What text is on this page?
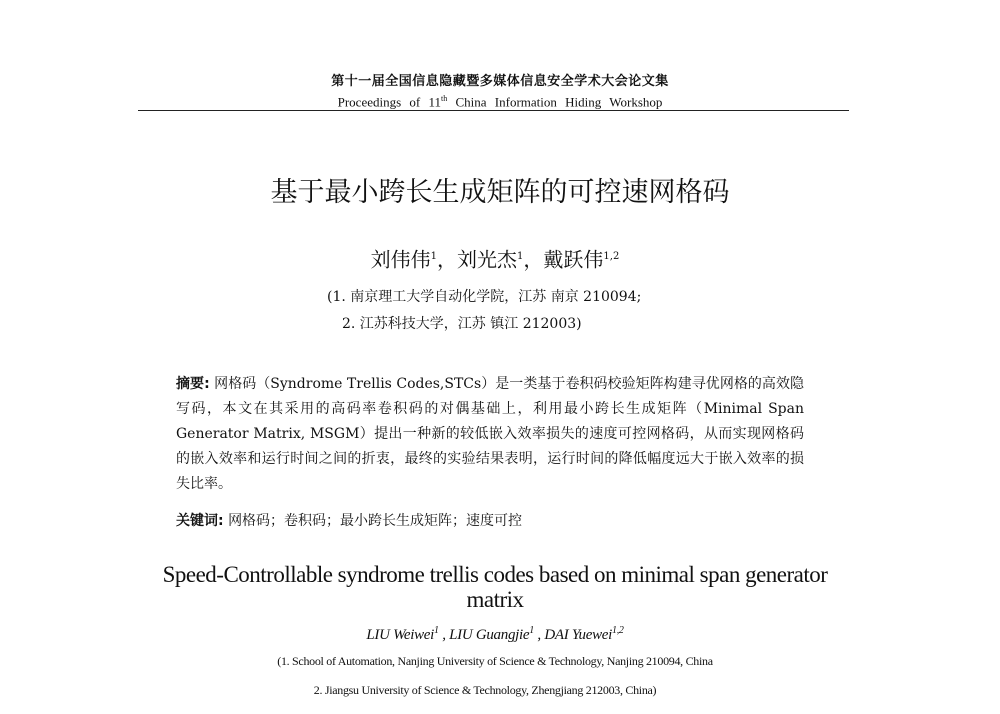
第十一届全国信息隐藏暨多媒体信息安全学术大会论文集
Proceedings of 11th China Information Hiding Workshop
基于最小跨长生成矩阵的可控速网格码
刘伟伟$^1$，刘光杰$^1$，戴跃伟$^{1,2}$
(1. 南京理工大学自动化学院，江苏 南京 210094;
2. 江苏科技大学，江苏 镇江 212003)
摘要: 网格码（Syndrome Trellis Codes,STCs）是一类基于卷积码校验矩阵构建寻优网格的高效隐写码，本文在其采用的高码率卷积码的对偶基础上，利用最小跨长生成矩阵（Minimal Span Generator Matrix, MSGM）提出一种新的较低嵌入效率损失的速度可控网格码，从而实现网格码的嵌入效率和运行时间之间的折衷，最终的实验结果表明，运行时间的降低幅度远大于嵌入效率的损失比率。
关键词: 网格码；卷积码；最小跨长生成矩阵；速度可控
Speed-Controllable syndrome trellis codes based on minimal span generator matrix
LIU Weiwei$^1$ , LIU Guangjie$^1$ , DAI Yuewei$^{1,2}$
(1. School of Automation, Nanjing University of Science & Technology, Nanjing 210094, China
2. Jiangsu University of Science & Technology, Zhengjiang 212003, China)
